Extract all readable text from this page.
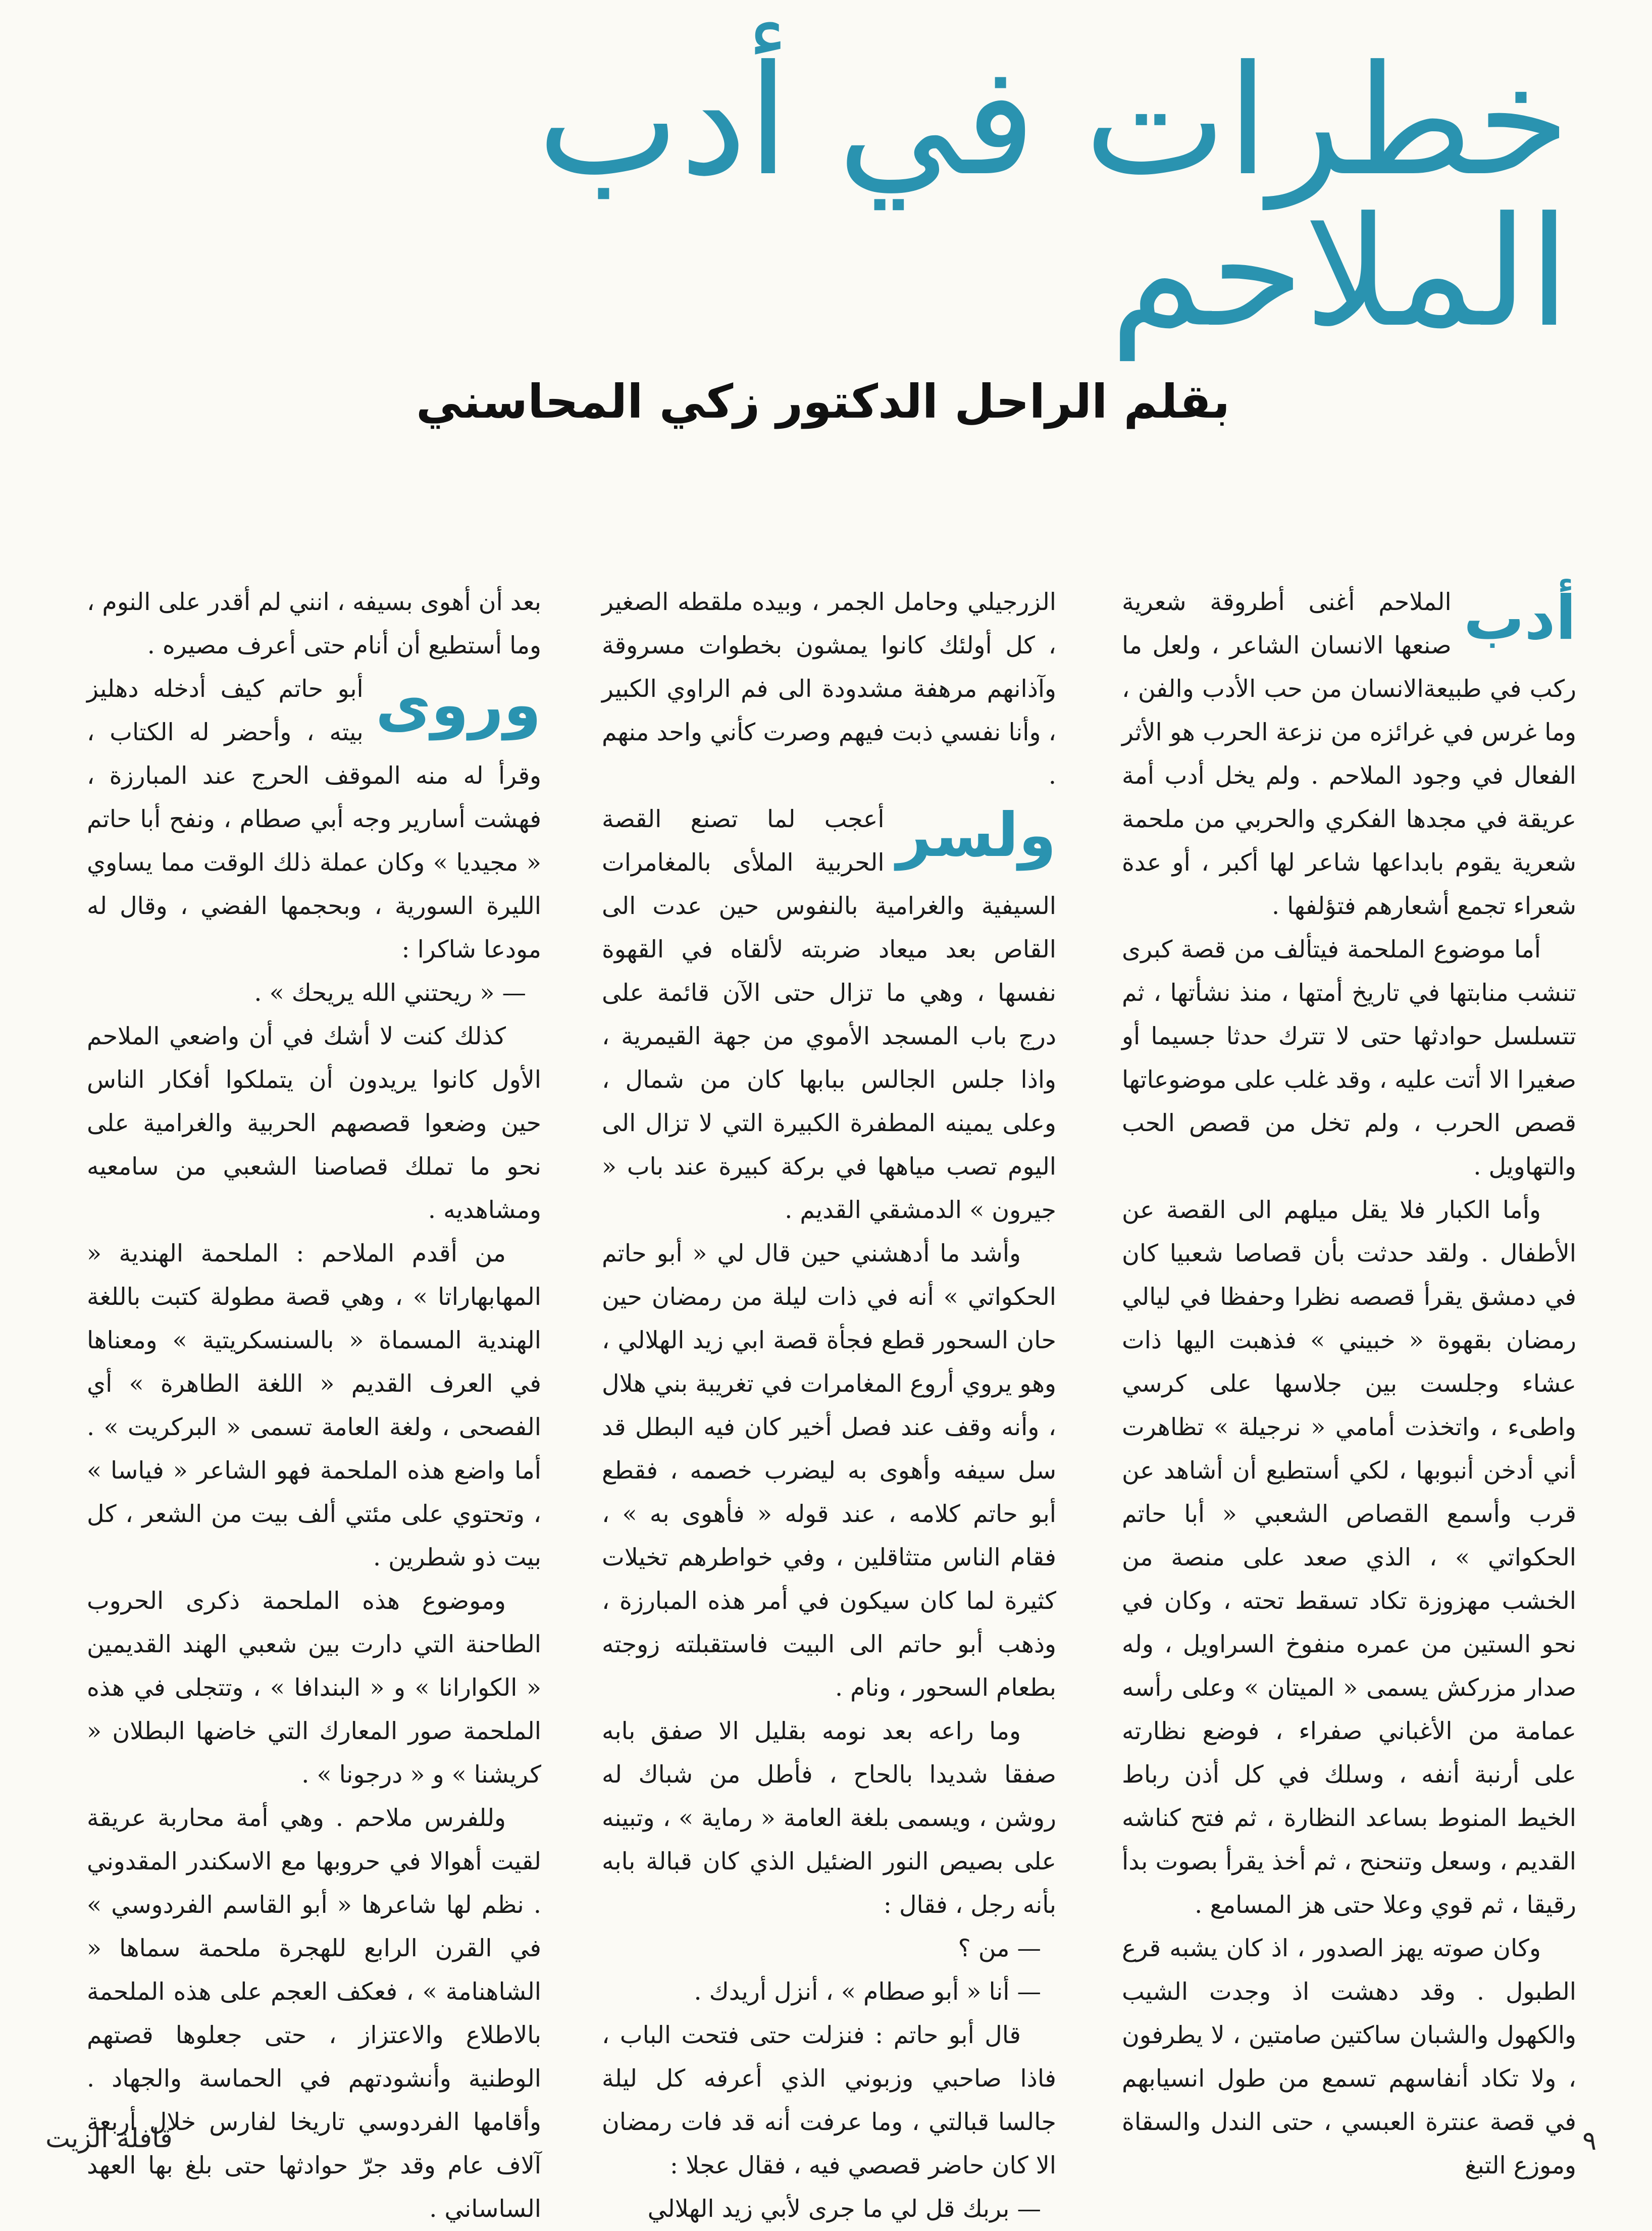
خطرات في أدب الملاحم
بقلم الراحل الدكتور زكي المحاسني

أدب
الملاحم أغنى أطروقة شعرية صنعها الانسان الشاعر ، ولعل ما ركب في طبيعةالانسان من حب الأدب والفن ، وما غرس في غرائزه من نزعة الحرب هو الأثر الفعال في وجود الملاحم . ولم يخل أدب أمة عريقة في مجدها الفكري والحربي من ملحمة شعرية يقوم بابداعها شاعر لها أكبر ، أو عدة شعراء تجمع أشعارهم فتؤلفها .

أما موضوع الملحمة فيتألف من قصة كبرى تنشب منابتها في تاريخ أمتها ، منذ نشأتها ، ثم تتسلسل حوادثها حتى لا تترك حدثا جسيما أو صغيرا الا أتت عليه ، وقد غلب على موضوعاتها قصص الحرب ، ولم تخل من قصص الحب والتهاويل .

وأما الكبار فلا يقل ميلهم الى القصة عن الأطفال . ولقد حدثت بأن قصاصا شعبيا كان في دمشق يقرأ قصصه نظرا وحفظا في ليالي رمضان بقهوة « خبيني » فذهبت اليها ذات عشاء وجلست بين جلاسها على كرسي واطىء ، واتخذت أمامي « نرجيلة » تظاهرت أني أدخن أنبوبها ، لكي أستطيع أن أشاهد عن قرب وأسمع القصاص الشعبي « أبا حاتم الحكواتي » ، الذي صعد على منصة من الخشب مهزوزة تكاد تسقط تحته ، وكان في نحو الستين من عمره منفوخ السراويل ، وله صدار مزركش يسمى « الميتان » وعلى رأسه عمامة من الأغباني صفراء ، فوضع نظارته على أرنبة أنفه ، وسلك في كل أذن رباط الخيط المنوط بساعد النظارة ، ثم فتح كناشه القديم ، وسعل وتنحنح ، ثم أخذ يقرأ بصوت بدأ رقيقا ، ثم قوي وعلا حتى هز المسامع .

وكان صوته يهز الصدور ، اذ كان يشبه قرع الطبول . وقد دهشت اذ وجدت الشيب والكهول والشبان ساكتين صامتين ، لا يطرفون ، ولا تكاد أنفاسهم تسمع من طول انسيابهم في قصة عنترة العبسي ، حتى الندل والسقاة وموزع التبغ

الزرجيلي وحامل الجمر ، وبيده ملقطه الصغير ، كل أولئك كانوا يمشون بخطوات مسروقة وآذانهم مرهفة مشدودة الى فم الراوي الكبير ، وأنا نفسي ذبت فيهم وصرت كأني واحد منهم .

ولسر
أعجب لما تصنع القصة الحربية الملأى بالمغامرات السيفية والغرامية بالنفوس حين عدت الى القاص بعد ميعاد ضربته لألقاه في القهوة نفسها ، وهي ما تزال حتى الآن قائمة على درج باب المسجد الأموي من جهة القيمرية ، واذا جلس الجالس ببابها كان من شمال ، وعلى يمينه المطفرة الكبيرة التي لا تزال الى اليوم تصب مياهها في بركة كبيرة عند باب « جيرون » الدمشقي القديم .

وأشد ما أدهشني حين قال لي « أبو حاتم الحكواتي » أنه في ذات ليلة من رمضان حين حان السحور قطع فجأة قصة ابي زيد الهلالي ، وهو يروي أروع المغامرات في تغريبة بني هلال ، وأنه وقف عند فصل أخير كان فيه البطل قد سل سيفه وأهوى به ليضرب خصمه ، فقطع أبو حاتم كلامه ، عند قوله « فأهوى به » ، فقام الناس متثاقلين ، وفي خواطرهم تخيلات كثيرة لما كان سيكون في أمر هذه المبارزة ، وذهب أبو حاتم الى البيت فاستقبلته زوجته بطعام السحور ، ونام .

وما راعه بعد نومه بقليل الا صفق بابه صفقا شديدا بالحاح ، فأطل من شباك له روشن ، ويسمى بلغة العامة « رماية » ، وتبينه على بصيص النور الضئيل الذي كان قبالة بابه بأنه رجل ، فقال :

— من ؟

— أنا « أبو صطام » ، أنزل أريدك .

قال أبو حاتم : فنزلت حتى فتحت الباب ، فاذا صاحبي وزبوني الذي أعرفه كل ليلة جالسا قبالتي ، وما عرفت أنه قد فات رمضان الا كان حاضر قصصي فيه ، فقال عجلا :

— بربك قل لي ما جرى لأبي زيد الهلالي

بعد أن أهوى بسيفه ، انني لم أقدر على النوم ، وما أستطيع أن أنام حتى أعرف مصيره .

وروى
أبو حاتم كيف أدخله دهليز بيته ، وأحضر له الكتاب ، وقرأ له منه الموقف الحرج عند المبارزة ، فهشت أسارير وجه أبي صطام ، ونفح أبا حاتم « مجيديا » وكان عملة ذلك الوقت مما يساوي الليرة السورية ، وبحجمها الفضي ، وقال له مودعا شاكرا :

— « ريحتني الله يريحك » .

كذلك كنت لا أشك في أن واضعي الملاحم الأول كانوا يريدون أن يتملكوا أفكار الناس حين وضعوا قصصهم الحربية والغرامية على نحو ما تملك قصاصنا الشعبي من سامعيه ومشاهديه .

من أقدم الملاحم : الملحمة الهندية « المهابهاراتا » ، وهي قصة مطولة كتبت باللغة الهندية المسماة « بالسنسكريتية » ومعناها في العرف القديم « اللغة الطاهرة » أي الفصحى ، ولغة العامة تسمى « البركريت » . أما واضع هذه الملحمة فهو الشاعر « فياسا » ، وتحتوي على مئتي ألف بيت من الشعر ، كل بيت ذو شطرين .

وموضوع هذه الملحمة ذكرى الحروب الطاحنة التي دارت بين شعبي الهند القديمين « الكوارانا » و « البندافا » ، وتتجلى في هذه الملحمة صور المعارك التي خاضها البطلان « كريشنا » و « درجونا » .

وللفرس ملاحم . وهي أمة محاربة عريقة لقيت أهوالا في حروبها مع الاسكندر المقدوني . نظم لها شاعرها « أبو القاسم الفردوسي » في القرن الرابع للهجرة ملحمة سماها « الشاهنامة » ، فعكف العجم على هذه الملحمة بالاطلاع والاعتزاز ، حتى جعلوها قصتهم الوطنية وأنشودتهم في الحماسة والجهاد . وأقامها الفردوسي تاريخا لفارس خلال أربعة آلاف عام وقد جرّ حوادثها حتى بلغ بها العهد الساساني .

٩
قافلة الزيت
